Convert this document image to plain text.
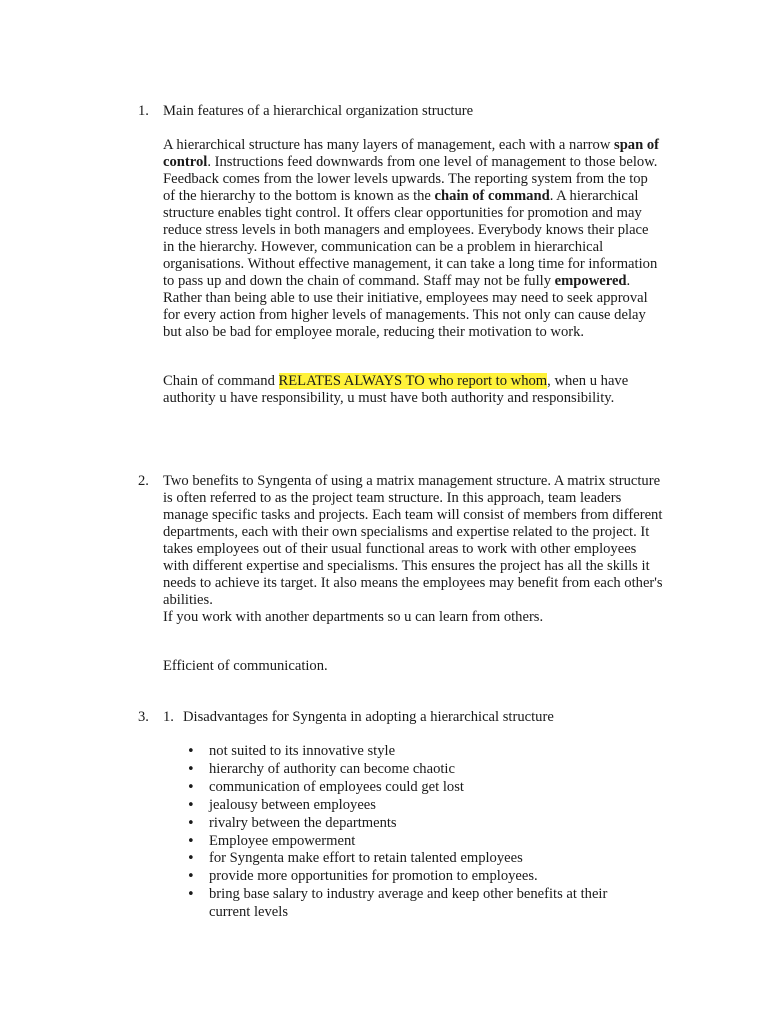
1. Main features of a hierarchical organization structure

A hierarchical structure has many layers of management, each with a narrow span of control. Instructions feed downwards from one level of management to those below. Feedback comes from the lower levels upwards. The reporting system from the top of the hierarchy to the bottom is known as the chain of command. A hierarchical structure enables tight control. It offers clear opportunities for promotion and may reduce stress levels in both managers and employees. Everybody knows their place in the hierarchy. However, communication can be a problem in hierarchical organisations. Without effective management, it can take a long time for information to pass up and down the chain of command. Staff may not be fully empowered. Rather than being able to use their initiative, employees may need to seek approval for every action from higher levels of managements. This not only can cause delay but also be bad for employee morale, reducing their motivation to work.

Chain of command RELATES ALWAYS TO who report to whom, when u have authority u have responsibility, u must have both authority and responsibility.

2. Two benefits to Syngenta of using a matrix management structure. A matrix structure is often referred to as the project team structure. In this approach, team leaders manage specific tasks and projects. Each team will consist of members from different departments, each with their own specialisms and expertise related to the project. It takes employees out of their usual functional areas to work with other employees with different expertise and specialisms. This ensures the project has all the skills it needs to achieve its target. It also means the employees may benefit from each other's abilities.
If you work with another departments so u can learn from others.

Efficient of communication.

3. 1. Disadvantages for Syngenta in adopting a hierarchical structure

• not suited to its innovative style
• hierarchy of authority can become chaotic
• communication of employees could get lost
• jealousy between employees
• rivalry between the departments
• Employee empowerment
• for Syngenta make effort to retain talented employees
• provide more opportunities for promotion to employees.
• bring base salary to industry average and keep other benefits at their current levels
